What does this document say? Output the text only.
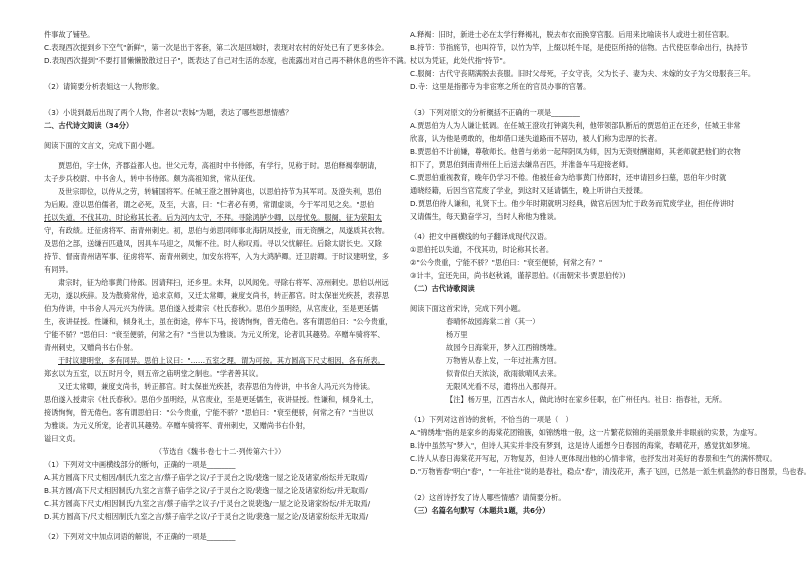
件事故了铺垫。

C.表现西次提到乡下空气"新鲜"，第一次是出于客套，第二次是回城时，表现对农村的好处已有了更多体会。

D.表现西次提到"不要打冒懒懒散散过日子"，既表达了自己对生活的态度，也流露出对自己再不耕休息的些许不满。

（2）请简要分析表姐这一人物形象。

（3）小说到最后出现了两个人物，作者以"表姊"为题，表达了哪些思想情感？

二、古代诗文阅读（34分）

阅读下面的文言文，完成下面小题。

贾思伯，字士休，齐郡益都人也。世父元寿，高祖时中书侍郎，有学行，见称于时。思伯释褐奉朝请，

太子步兵校尉、中书舍人，转中书侍郎。颇为高祖知赏，常从征伐。

及世宗即位，以侍从之劳，转辅国将军。任城王澄之围钟离也，以思伯持节为其军司。及澄失利，思伯

为后殿。澄以思伯儒者，谓之必死，及至，大喜，曰："仁者必有勇，常谓虚谈，今于军司见之矣。"思伯

托以失道，不伐其功，时论称其长者。后为河内太守，不拜。寻除鸿胪少卿，以母忧免。服阕，征为荥阳太

守，有政绩。迁征虏将军、南青州刺史。初，思伯与弟思同师事北海阴凤授业，而无资酬之，凤遂质其衣物。

及思伯之部，送缣百匹遗凤，因具车马迎之，凤惭不往。时人称叹焉。寻以父忧解任。后除太尉长史。又除

持节、督南青州诸军事、征虏将军、南青州刺史，加安东将军，入为大鸿胪卿。迁卫尉卿。于时议建明堂，多

有同异。

肃宗时，征为给事黄门侍郎。因请拜扫，还乡里。未拜，以风闻免。寻除右将军、凉州刺史。思伯以州远

无功，遂以疾辞。及为散骑常侍，追求京师，又迁太常卿，兼度支尚书，转正都官。时太保崔光疾甚，表荐思

伯为侍讲，中书舍人冯元兴为侍读。思伯遂入授肃宗《杜氏春秋》。思伯少虽明经，从官废业，至是更延儒

生，夜讲昼授。性谦和，倾身礼士，虽在街途，停车下马，接诱恂恂，曾无倦色。客有谓思伯曰："公今贵重，

宁能不骄？"思伯曰："衰至便骄，何常之有？"当世以为雅谈。为元义所宠，论者讥其趣势。卒赠车骑将军、

青州刺史，又赠尚书右仆射。

于时议建明堂，多有同异。思伯上议曰："……五室之理，谓为可按。其方圆高下尺丈相因，各有所表。

郑玄以为五室，以五时月令，则五帝之庙明堂之制也。"学者善其议。

又迁太常卿，兼度支尚书，转正都官。时太保崔光疾甚，表荐思伯为侍讲，中书舍人冯元兴为侍读。

思伯遂入授肃宗《杜氏春秋》。思伯少虽明经，从官废业，至是更延儒生，夜讲昼授。性谦和，倾身礼士，

接诱恂恂，曾无倦色。客有谓思伯曰："公今贵重，宁能不骄？"思伯曰："衰至便骄，何常之有？"当世以

为雅谈。为元义所宠，论者讥其趣势。卒赠车骑将军、青州刺史，又赠尚书右仆射，

谥曰文贞。

（节选自《魏书·卷七十二·列传第六十》）

（1）下列对文中画横线部分的断句，正确的一项是________

A.其方圆高下尺丈相因/制氏九室之言/蔡子庙学之议/子于灵台之说/裴逸一屋之论及诸家/纷纭并无取焉/

B.其方圆/高下尺丈相因制氏/九室之言蔡子庙学之议/子于灵台之说/裴逸一屋之论及诸家纷纭/并无取焉/

C.其方圆高下尺丈/相因制氏/九室之言/蔡子庙学之议子/于灵台之说裴逸/一屋之论及诸家纷纭/并无取焉/

D.其方圆高下/尺丈相因制氏九室之言/蔡子庙学之议/子于灵台之说/裴逸一屋之论/及诸家纷纭并无取焉/

（2）下列对文中加点词语的解说，不正确的一项是________

A.释褐：旧时，新进士必在太学行释褐礼，脱去布衣而换穿官服。后用来比喻读书人或进士初任官职。

B.持节：节指旄节，也叫符节，以竹为竿，上缀以牦牛尾，是使臣所持的信物。古代使臣奉命出行，执持节

杖以为凭证，此处代指"持节"。

C.服阕：古代守丧期满脱去丧服。旧时父母死，子女守丧，父为长子、妻为夫、未嫁的女子为父母服丧三年。

D.寺：这里是指都寺为非宦寒之所在的官员办事的官署。

（3）下列对原文的分析概括不正确的一项是________

A.贾思伯为人为人谦让低调。在任城王澄攻打钟离失利，他带领部队断后的贾思伯正在还乡，任城王非常

欣喜，认为他是勇敢的，他却借口迷失道路而不居功，被人们称为忠厚的长者。

B.贾思伯不计前嫌，尊敬师长。他曾与弟弟一起拜阴凤为师，因为无资财酬谢师，其老师就把他们的衣物

扣下了，贾思伯到南青州任上后送去缣帛百匹，并准备车马迎接老师。

C.贾思伯重视教育，晚年仍学习不倦。他被任命为给事黄门侍郎时，还申请回乡扫墓，思伯年少时就

通晓经籍，后因当官荒废了学业，到这时又延请儒生，晚上听讲白天授课。

D.贾思伯待人谦和，礼贤下士。他少年时期就明习经典，做官后因为忙于政务而荒废学业，担任侍讲时

又请儒生，每天勤奋学习，当时人称他为雅谈。

（4）把文中画横线的句子翻译成现代汉语。

①思伯托以失道，不伐其功，时论称其长者。

②"公今贵重，宁能不骄？"思伯曰："衰至便骄，何常之有？"

③计丰，宜还先田，尚书赵秋诵，谨荐思伯。(《南朝宋书·贾思伯传》)

（二）古代诗歌阅读

阅读下面这首宋诗，完成下列小题。

春晴怀故园海棠二首（其一）

杨万里

故园今日海棠开，梦入江西锦绣堆。

万物皆从春上发，一年过社燕方回。

似青似白天浓淡，欲雨欲晴风去来。

无限风光看不尽，遣将出入那得开。

【注】杨万里，江西吉水人，做此诗时在家乡任职，在广州任内。社日：指春社，无所。

（1）下列对这首诗的赏析，不恰当的一项是（　）

A."锦绣堆"指的是家乡的海棠花团锦簇，如锦绣堆一般，这一片繁花似锦的美丽景象并非眼前的实景，为虚写。

B.诗中虽然写"梦入"，但诗人其实并非没有梦到，这是诗人遥想今日春园的海棠，春晴花开，感觉犹如梦境。

C.诗人从春日海棠花开写起，万物复苏，但诗人更体现出他的心情非常，也抒发出对美好的春景和生气的满怀赞叹。

D."万物皆春"明白"春"，"一年社往"说的是春社，稳点"春"，清浅花开，燕子飞回，已然是一派生机盎然的春日图景，鸟也春。

（2）这首诗抒发了诗人哪些情感？请简要分析。

（三）名篇名句默写（本题共1题，共6分）
